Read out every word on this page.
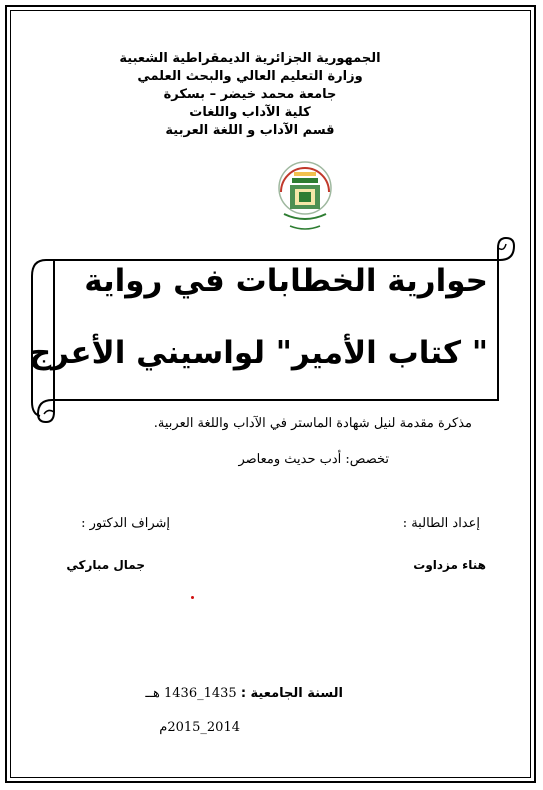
الجمهورية الجزائرية الديمقراطية الشعبية
وزارة التعليم العالي والبحث العلمي
جامعة محمد خيضر – بسكرة
كلية الآداب واللغات
قسم الآداب و اللغة العربية
حوارية الخطابات في رواية
" كتاب الأمير" لواسيني الأعرج
مذكرة مقدمة لنيل شهادة الماستر في الآداب واللغة العربية.
تخصص: أدب حديث ومعاصر
إعداد الطالبة :
إشراف الدكتور :
هناء مزداوت
جمال مباركي
السنة الجامعية : 1435_1436 هــ
2014_2015م
